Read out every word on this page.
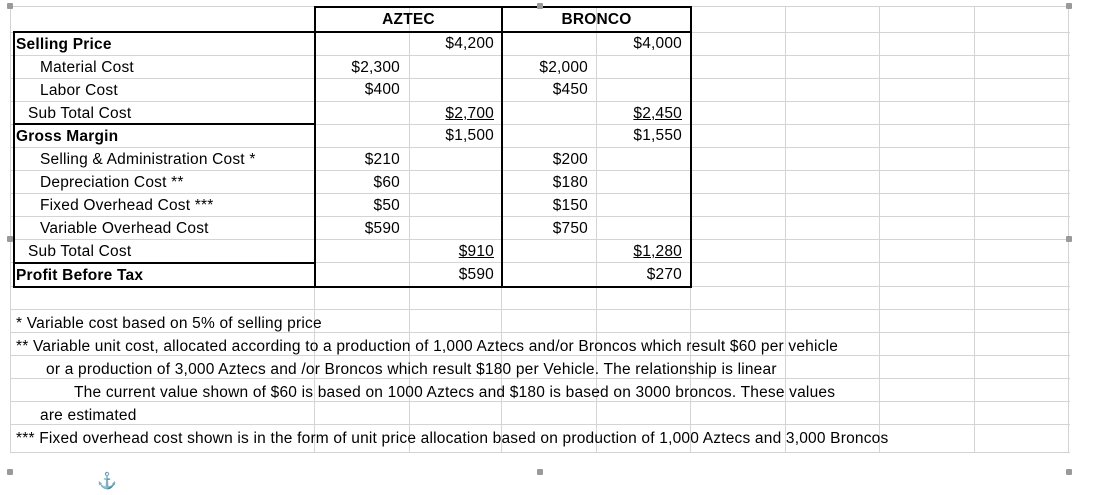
AZTEC	BRONCO
Selling Price	$4,200	$4,000
Material Cost	$2,300	$2,000
Labor Cost	$400	$450
Sub Total Cost	$2,700	$2,450
Gross Margin	$1,500	$1,550
Selling & Administration Cost *	$210	$200
Depreciation Cost **	$60	$180
Fixed Overhead Cost ***	$50	$150
Variable Overhead Cost	$590	$750
Sub Total Cost	$910	$1,280
Profit Before Tax	$590	$270
* Variable cost based on 5% of selling price
** Variable unit cost, allocated according to a production of 1,000 Aztecs and/or Broncos which result $60 per vehicle
or a production of 3,000 Aztecs and /or Broncos which result $180 per Vehicle. The relationship is linear
The current value shown of $60 is based on 1000 Aztecs and $180 is based on 3000 broncos. These values
are estimated
*** Fixed overhead cost shown is in the form of unit price allocation based on production of 1,000 Aztecs and 3,000 Broncos
⚓
